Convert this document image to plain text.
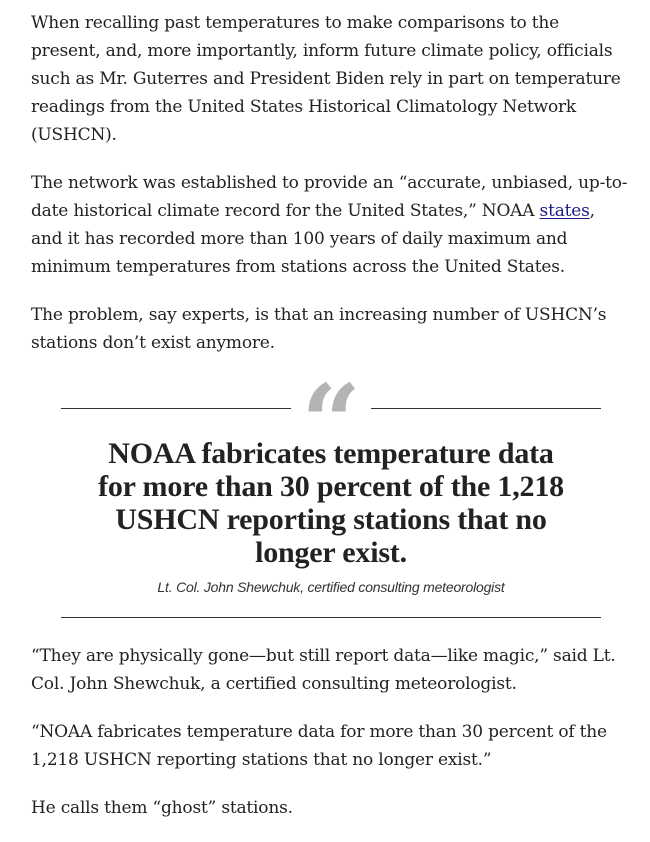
When recalling past temperatures to make comparisons to the present, and, more importantly, inform future climate policy, officials such as Mr. Guterres and President Biden rely in part on temperature readings from the United States Historical Climatology Network (USHCN).

The network was established to provide an “accurate, unbiased, up-to-date historical climate record for the United States,” NOAA states, and it has recorded more than 100 years of daily maximum and minimum temperatures from stations across the United States.

The problem, say experts, is that an increasing number of USHCN’s stations don’t exist anymore.

“
NOAA fabricates temperature data for more than 30 percent of the 1,218 USHCN reporting stations that no longer exist.
Lt. Col. John Shewchuk, certified consulting meteorologist

“They are physically gone—but still report data—like magic,” said Lt. Col. John Shewchuk, a certified consulting meteorologist.

“NOAA fabricates temperature data for more than 30 percent of the 1,218 USHCN reporting stations that no longer exist.”

He calls them “ghost” stations.
